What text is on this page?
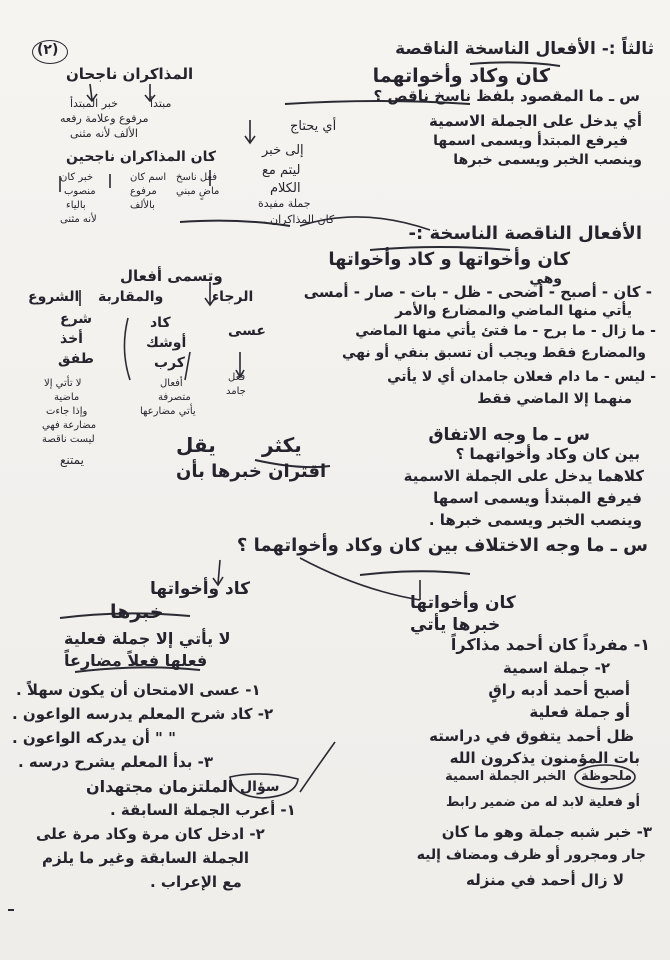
(٢)	ثالثاً :- الأفعال الناسخة الناقصة
كان وكاد وأخواتهما
س ـ ما المقصود بلفظ ناسخ ناقص ؟
أي يدخل على الجملة الاسمية
فيرفع المبتدأ ويسمى اسمها
وينصب الخبر ويسمى خبرها
المذاكران ناجحان
مبتدأ
خبر المبتدأ
مرفوع وعلامة رفعه
الألف لأنه مثنى
كان المذاكران ناجحين
فعل ناسخ
ماضٍ مبني
اسم كان
مرفوع
بالألف
خبر كان
منصوب
بالياء
لأنه مثنى
أي يحتاج
إلى خبر
ليتم مع
الكلام
جملة مفيدة
كان المذاكران ...
الأفعال الناقصة الناسخة :-
كان وأخواتها و كاد وأخواتها
وهي
- كان - أصبح - أضحى - ظل - بات - صار - أمسى
يأتي منها الماضي والمضارع والأمر
- ما زال - ما برح - ما فتئ يأتي منها الماضي
والمضارع فقط ويجب أن تسبق بنفي أو نهي
- ليس - ما دام فعلان جامدان أي لا يأتي
منهما إلا الماضي فقط
وتسمى أفعال
الشروع والمقاربة	الرجاء
شرع
أخذ
طفق
كاد
أوشك
كرب
عسى
لا تأتي إلا
ماضية
وإذا جاءت
مضارعة فهي
ليست ناقصة
يمتنع
أفعال
متصرفة
يأتي مضارعها
فعل
جامد
يكثر
يقل
اقتران خبرها بأن
س ـ ما وجه الاتفاق
بين كان وكاد وأخواتهما ؟
كلاهما يدخل على الجملة الاسمية
فيرفع المبتدأ ويسمى اسمها
وينصب الخبر ويسمى خبرها .
س ـ ما وجه الاختلاف بين كان وكاد وأخواتهما ؟
كاد وأخواتها
كان وأخواتها
خبرها
خبرها يأتي
لا يأتي إلا جملة فعلية
فعلها فعلاً مضارعاً
١- عسى الامتحان أن يكون سهلاً .
٢- كاد شرح المعلم يدرسه الواعون .
" " أن يدركه الواعون .
٣- بدأ المعلم يشرح درسه .
١- مفرداً كان أحمد مذاكراً
٢- جملة اسمية
أصبح أحمد أدبه راقٍ
أو جملة فعلية
ظل أحمد يتفوق في دراسته
بات المؤمنون يذكرون الله
ملحوظة
الخبر الجملة اسمية
أو فعلية لابد له من ضمير رابط
٣- خبر شبه جملة وهو ما كان
جار ومجرور أو ظرف ومضاف إليه
لا زال أحمد في منزله
سؤال
الملتزمان مجتهدان
١- أعرب الجملة السابقة .
٢- ادخل كان مرة وكاد مرة على
الجملة السابقة وغير ما يلزم
مع الإعراب .
